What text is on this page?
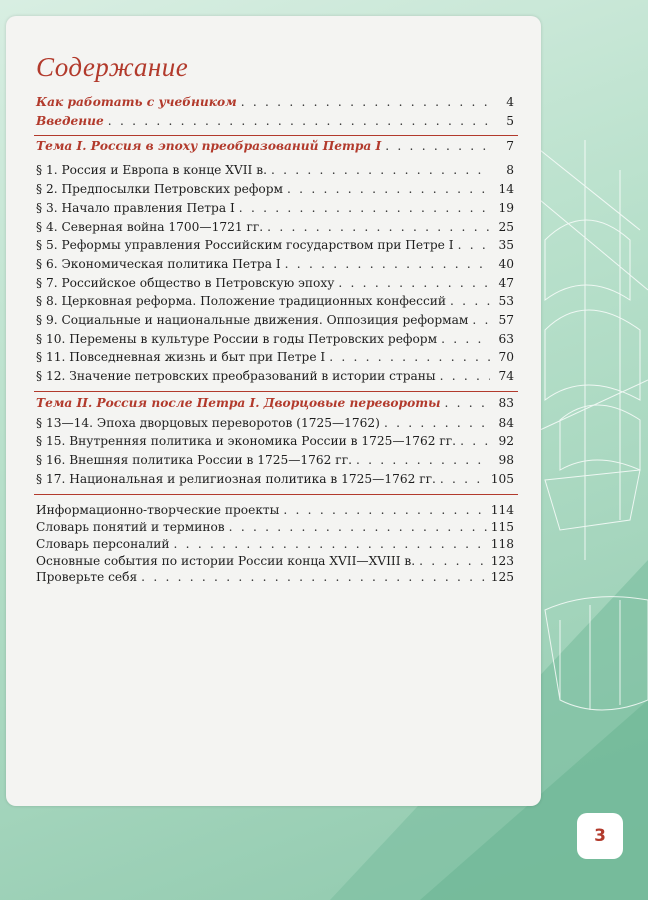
Содержание
Как работать с учебником . . .	4
Введение . . .	5
Тема I. Россия в эпоху преобразований Петра I . . .	7
§ 1. Россия и Европа в конце XVII в. . . .	8
§ 2. Предпосылки Петровских реформ . . .	14
§ 3. Начало правления Петра I . . .	19
§ 4. Северная война 1700—1721 гг. . . .	25
§ 5. Реформы управления Российским государством при Петре I . . .	35
§ 6. Экономическая политика Петра I . . .	40
§ 7. Российское общество в Петровскую эпоху . . .	47
§ 8. Церковная реформа. Положение традиционных конфессий . . .	53
§ 9. Социальные и национальные движения. Оппозиция реформам . . .	57
§ 10. Перемены в культуре России в годы Петровских реформ . . .	63
§ 11. Повседневная жизнь и быт при Петре I . . .	70
§ 12. Значение петровских преобразований в истории страны . . .	74
Тема II. Россия после Петра I. Дворцовые перевороты . . .	83
§ 13—14. Эпоха дворцовых переворотов (1725—1762) . . .	84
§ 15. Внутренняя политика и экономика России в 1725—1762 гг. . . .	92
§ 16. Внешняя политика России в 1725—1762 гг. . . .	98
§ 17. Национальная и религиозная политика в 1725—1762 гг. . . .	105
Информационно-творческие проекты . . .	114
Словарь понятий и терминов . . .	115
Словарь персоналий . . .	118
Основные события по истории России конца XVII—XVIII в. . . .	123
Проверьте себя . . .	125
3
